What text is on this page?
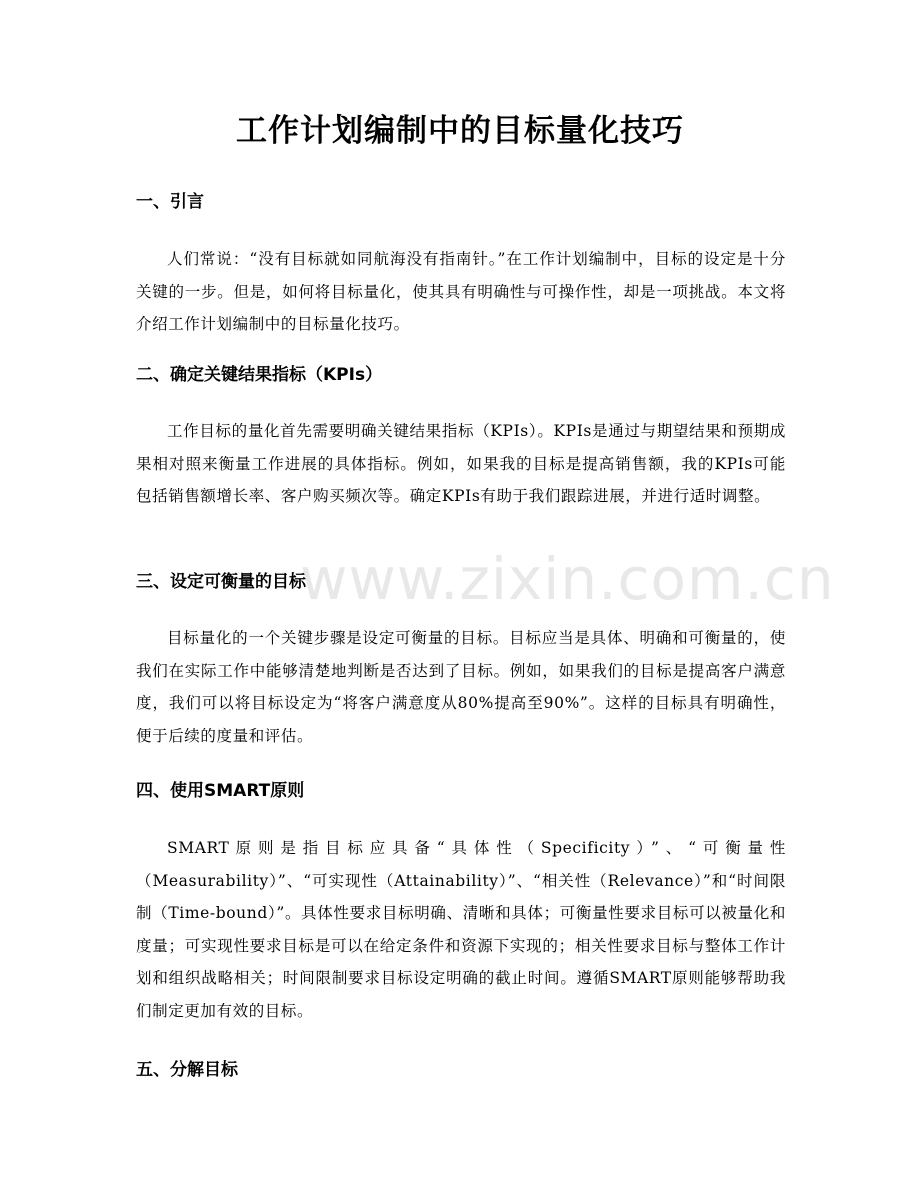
工作计划编制中的目标量化技巧
www.zixin.com.cn
一、引言

人们常说：“没有目标就如同航海没有指南针。”在工作计划编制中，目标的设定是十分关键的一步。但是，如何将目标量化，使其具有明确性与可操作性，却是一项挑战。本文将介绍工作计划编制中的目标量化技巧。

二、确定关键结果指标（KPIs）

工作目标的量化首先需要明确关键结果指标（KPIs）。KPIs是通过与期望结果和预期成果相对照来衡量工作进展的具体指标。例如，如果我的目标是提高销售额，我的KPIs可能包括销售额增长率、客户购买频次等。确定KPIs有助于我们跟踪进展，并进行适时调整。

三、设定可衡量的目标

目标量化的一个关键步骤是设定可衡量的目标。目标应当是具体、明确和可衡量的，使我们在实际工作中能够清楚地判断是否达到了目标。例如，如果我们的目标是提高客户满意度，我们可以将目标设定为“将客户满意度从80%提高至90%”。这样的目标具有明确性，便于后续的度量和评估。

四、使用SMART原则

SMART原则是指目标应具备“具体性（Specificity）”、“可衡量性（Measurability）”、“可实现性（Attainability）”、“相关性（Relevance）”和“时间限制（Time-bound）”。具体性要求目标明确、清晰和具体；可衡量性要求目标可以被量化和度量；可实现性要求目标是可以在给定条件和资源下实现的；相关性要求目标与整体工作计划和组织战略相关；时间限制要求目标设定明确的截止时间。遵循SMART原则能够帮助我们制定更加有效的目标。

五、分解目标
